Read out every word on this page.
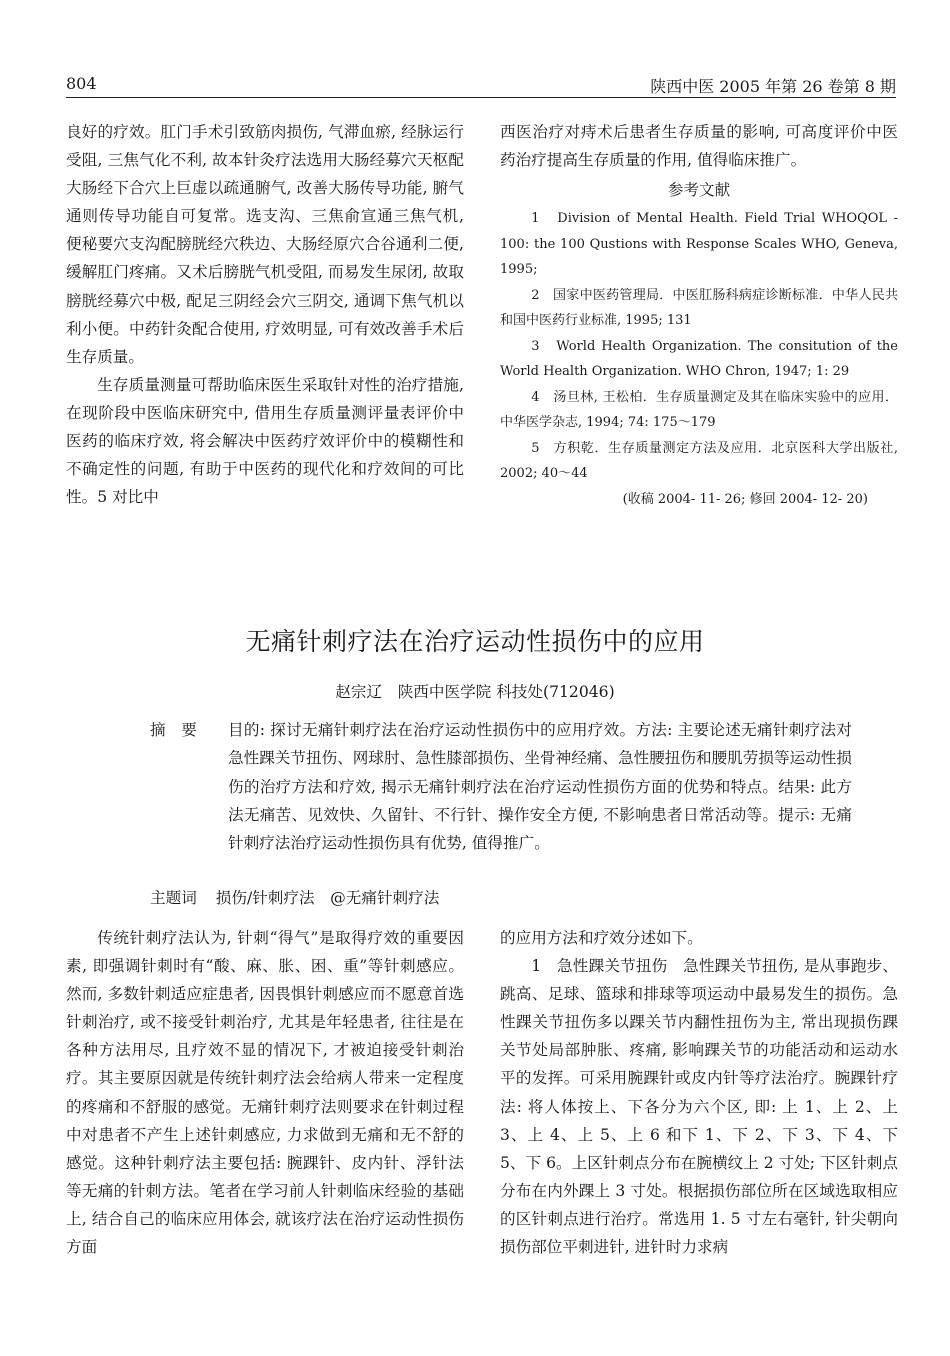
804	陕西中医 2005 年第 26 卷第 8 期

良好的疗效。肛门手术引致筋肉损伤, 气滞血瘀, 经脉运行受阻, 三焦气化不利, 故本针灸疗法选用大肠经募穴天枢配大肠经下合穴上巨虚以疏通腑气, 改善大肠传导功能, 腑气通则传导功能自可复常。选支沟、三焦俞宣通三焦气机, 便秘要穴支沟配膀胱经穴秩边、大肠经原穴合谷通利二便, 缓解肛门疼痛。又术后膀胱气机受阻, 而易发生尿闭, 故取膀胱经募穴中极, 配足三阴经会穴三阴交, 通调下焦气机以利小便。中药针灸配合使用, 疗效明显, 可有效改善手术后生存质量。

生存质量测量可帮助临床医生采取针对性的治疗措施, 在现阶段中医临床研究中, 借用生存质量测评量表评价中医药的临床疗效, 将会解决中医药疗效评价中的模糊性和不确定性的问题, 有助于中医药的现代化和疗效间的可比性。5 对比中

西医治疗对痔术后患者生存质量的影响, 可高度评价中医药治疗提高生存质量的作用, 值得临床推广。

参考文献

1　Division of Mental Health. Field Trial WHOQOL - 100: the 100 Qustions with Response Scales WHO, Geneva, 1995;

2　国家中医药管理局．中医肛肠科病症诊断标准．中华人民共和国中医药行业标准, 1995; 131

3　World Health Organization. The consitution of the World Health Organization. WHO Chron, 1947; 1: 29

4　汤旦林, 王松柏．生存质量测定及其在临床实验中的应用．中华医学杂志, 1994; 74: 175～179

5　方积乾．生存质量测定方法及应用．北京医科大学出版社, 2002; 40～44

(收稿 2004- 11- 26; 修回 2004- 12- 20)

无痛针刺疗法在治疗运动性损伤中的应用
赵宗辽　陕西中医学院 科技处(712046)
摘　要 目的: 探讨无痛针刺疗法在治疗运动性损伤中的应用疗效。方法: 主要论述无痛针刺疗法对急性踝关节扭伤、网球肘、急性膝部损伤、坐骨神经痛、急性腰扭伤和腰肌劳损等运动性损伤的治疗方法和疗效, 揭示无痛针刺疗法在治疗运动性损伤方面的优势和特点。结果: 此方法无痛苦、见效快、久留针、不行针、操作安全方便, 不影响患者日常活动等。提示: 无痛针刺疗法治疗运动性损伤具有优势, 值得推广。
主题词 损伤/针刺疗法　@无痛针刺疗法

传统针刺疗法认为, 针刺“得气”是取得疗效的重要因素, 即强调针刺时有“酸、麻、胀、困、重”等针刺感应。然而, 多数针刺适应症患者, 因畏惧针刺感应而不愿意首选针刺治疗, 或不接受针刺治疗, 尤其是年轻患者, 往往是在各种方法用尽, 且疗效不显的情况下, 才被迫接受针刺治疗。其主要原因就是传统针刺疗法会给病人带来一定程度的疼痛和不舒服的感觉。无痛针刺疗法则要求在针刺过程中对患者不产生上述针刺感应, 力求做到无痛和无不舒的感觉。这种针刺疗法主要包括: 腕踝针、皮内针、浮针法等无痛的针刺方法。笔者在学习前人针刺临床经验的基础上, 结合自己的临床应用体会, 就该疗法在治疗运动性损伤方面

的应用方法和疗效分述如下。

1　急性踝关节扭伤　急性踝关节扭伤, 是从事跑步、跳高、足球、篮球和排球等项运动中最易发生的损伤。急性踝关节扭伤多以踝关节内翻性扭伤为主, 常出现损伤踝关节处局部肿胀、疼痛, 影响踝关节的功能活动和运动水平的发挥。可采用腕踝针或皮内针等疗法治疗。腕踝针疗法: 将人体按上、下各分为六个区, 即: 上 1、上 2、上 3、上 4、上 5、上 6 和下 1、下 2、下 3、下 4、下 5、下 6。上区针刺点分布在腕横纹上 2 寸处; 下区针刺点分布在内外踝上 3 寸处。根据损伤部位所在区域选取相应的区针刺点进行治疗。常选用 1. 5 寸左右毫针, 针尖朝向损伤部位平刺进针, 进针时力求病
